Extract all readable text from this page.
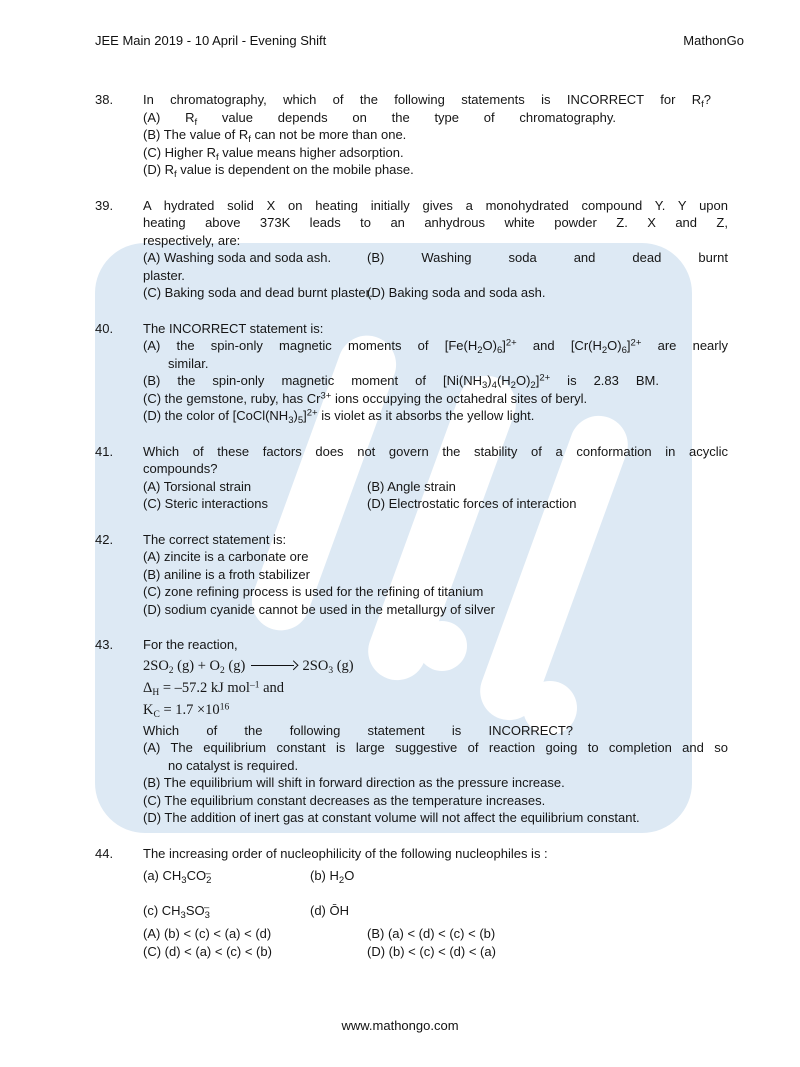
JEE Main 2019 - 10 April - Evening Shift	MathonGo
38.	In chromatography, which of the following statements is INCORRECT for $R_f$?
(A) $R_f$ value depends on the type of chromatography.
(B) The value of $R_f$ can not be more than one.
(C) Higher $R_f$ value means higher adsorption.
(D) $R_f$ value is dependent on the mobile phase.
39.	A hydrated solid X on heating initially gives a monohydrated compound Y. Y upon
heating above 373K leads to an anhydrous white powder Z. X and Z,
respectively, are:
(A) Washing soda and soda ash.	(B) Washing soda and dead burnt
plaster.
(C) Baking soda and dead burnt plaster.
(D) Baking soda and soda ash.
40.	The INCORRECT statement is:
(A) the spin-only magnetic moments of $[Fe(H_2O)_6]^{2+}$ and $[Cr(H_2O)_6]^{2+}$ are nearly
similar.
(B) the spin-only magnetic moment of $[Ni(NH_3)_4(H_2O)_2]^{2+}$ is 2.83 BM.
(C) the gemstone, ruby, has $Cr^{3+}$ ions occupying the octahedral sites of beryl.
(D) the color of $[CoCl(NH_3)_5]^{2+}$ is violet as it absorbs the yellow light.
41.	Which of these factors does not govern the stability of a conformation in acyclic
compounds?
(A) Torsional strain	(B) Angle strain
(C) Steric interactions	(D) Electrostatic forces of interaction
42.	The correct statement is:
(A) zincite is a carbonate ore
(B) aniline is a froth stabilizer
(C) zone refining process is used for the refining of titanium
(D) sodium cyanide cannot be used in the metallurgy of silver
43.	For the reaction,
$2SO_2$ $(g) + O_2$ (g)	$2SO_3$ (g)
$\Delta_H = -57.2$ kJ mol$^{-1}$ and
$K_C = 1.7 \times 10^{16}$
Which of the following statement is INCORRECT?
(A) The equilibrium constant is large suggestive of reaction going to completion and so
no catalyst is required.
(B) The equilibrium will shift in forward direction as the pressure increase.
(C) The equilibrium constant decreases as the temperature increases.
(D) The addition of inert gas at constant volume will not affect the equilibrium constant.
44.	The increasing order of nucleophilicity of the following nucleophiles is :
(a) $CH_3CO_2^-$	(b) $H_2O$
(c) $CH_3SO_3^-$	(d) ŌH
(A) (b) < (c) < (a) < (d)	(B) (a) < (d) < (c) < (b)
(C) (d) < (a) < (c) < (b)	(D) (b) < (c) < (d) < (a)
www.mathongo.com
